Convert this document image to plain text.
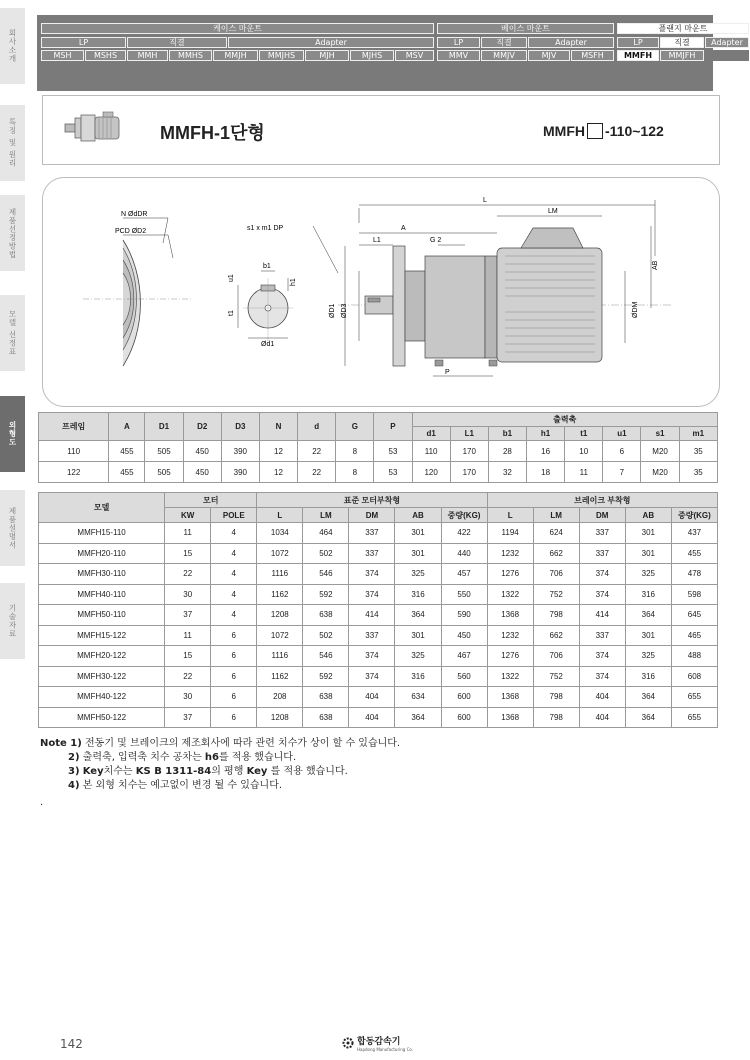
회사소개
특징 및 원리
제품선정방법
모델 선정표
외형도
제품설명서
기술자료
케이스 마운트	베이스 마운트	플랜지 마운트
LP	직결	Adapter	LP	직결	Adapter	LP	직결	Adapter
MSH	MSHS	MMH	MMHS	MMJH	MMJHS	MJH	MJHS	MSV	MMV	MMJV	MJV	MSFH	MMFH	MMJFH
MMFH-1단형	MMFH -110~122
N ØdDR
PCD ØD2	s1 x m1 DP
b1
u1
h1
t1
Ød1
L
LM
A
L1	G 2
AB
ØDM
ØD1 ØD3
P
프레임	A	D1	D2	D3	N	d	G	P	출력축							
									d1	L1	b1	h1	t1	u1	s1	m1
110	455	505	450	390	12	22	8	53	110	170	28	16	10	6	M20	35
122	455	505	450	390	12	22	8	53	120	170	32	18	11	7	M20	35
모델	모터		표준 모터부착형					브레이크 부착형				
	KW	POLE	L	LM	DM	AB	중량(KG)	L	LM	DM	AB	중량(KG)
MMFH15-110	11	4	1034	464	337	301	422	1194	624	337	301	437
MMFH20-110	15	4	1072	502	337	301	440	1232	662	337	301	455
MMFH30-110	22	4	1116	546	374	325	457	1276	706	374	325	478
MMFH40-110	30	4	1162	592	374	316	550	1322	752	374	316	598
MMFH50-110	37	4	1208	638	414	364	590	1368	798	414	364	645
MMFH15-122	11	6	1072	502	337	301	450	1232	662	337	301	465
MMFH20-122	15	6	1116	546	374	325	467	1276	706	374	325	488
MMFH30-122	22	6	1162	592	374	316	560	1322	752	374	316	608
MMFH40-122	30	6	208	638	404	634	600	1368	798	404	364	655
MMFH50-122	37	6	1208	638	404	364	600	1368	798	404	364	655
Note 1) 전동기 및 브레이크의 제조회사에 따라 관련 치수가 상이 할 수 있습니다.
2) 출력축, 입력축 치수 공차는 h6를 적용 했습니다.
3) Key치수는 KS B 1311-84의 평행 Key 를 적용 했습니다.
4) 본 외형 치수는 예고없이 변경 될 수 있습니다.
.
142	합동감속기
Hapdong Manufacturing Co.
